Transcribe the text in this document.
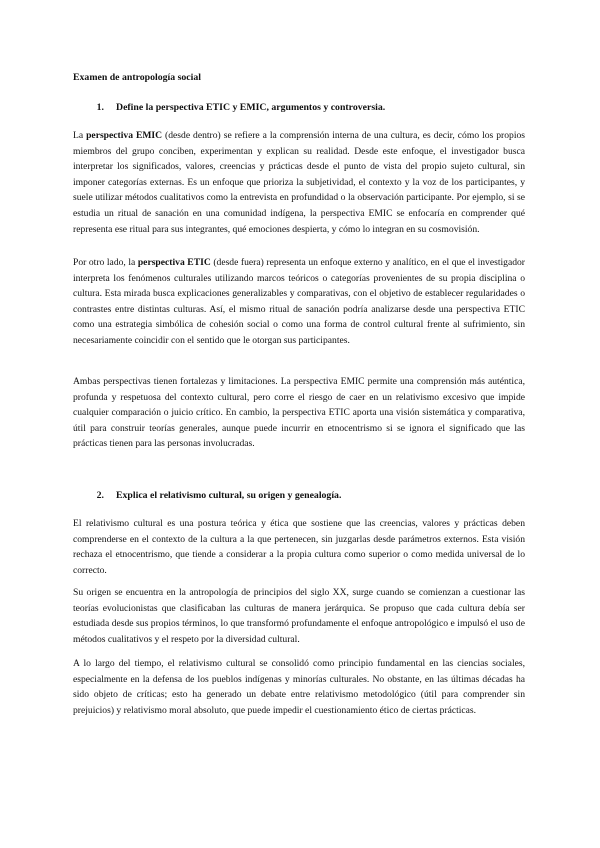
Examen de antropología social

1. Define la perspectiva ETIC y EMIC, argumentos y controversia.

La perspectiva EMIC (desde dentro) se refiere a la comprensión interna de una cultura, es decir, cómo los propios miembros del grupo conciben, experimentan y explican su realidad. Desde este enfoque, el investigador busca interpretar los significados, valores, creencias y prácticas desde el punto de vista del propio sujeto cultural, sin imponer categorías externas. Es un enfoque que prioriza la subjetividad, el contexto y la voz de los participantes, y suele utilizar métodos cualitativos como la entrevista en profundidad o la observación participante. Por ejemplo, si se estudia un ritual de sanación en una comunidad indígena, la perspectiva EMIC se enfocaría en comprender qué representa ese ritual para sus integrantes, qué emociones despierta, y cómo lo integran en su cosmovisión.

Por otro lado, la perspectiva ETIC (desde fuera) representa un enfoque externo y analítico, en el que el investigador interpreta los fenómenos culturales utilizando marcos teóricos o categorías provenientes de su propia disciplina o cultura. Esta mirada busca explicaciones generalizables y comparativas, con el objetivo de establecer regularidades o contrastes entre distintas culturas. Así, el mismo ritual de sanación podría analizarse desde una perspectiva ETIC como una estrategia simbólica de cohesión social o como una forma de control cultural frente al sufrimiento, sin necesariamente coincidir con el sentido que le otorgan sus participantes.

Ambas perspectivas tienen fortalezas y limitaciones. La perspectiva EMIC permite una comprensión más auténtica, profunda y respetuosa del contexto cultural, pero corre el riesgo de caer en un relativismo excesivo que impide cualquier comparación o juicio crítico. En cambio, la perspectiva ETIC aporta una visión sistemática y comparativa, útil para construir teorías generales, aunque puede incurrir en etnocentrismo si se ignora el significado que las prácticas tienen para las personas involucradas.

2. Explica el relativismo cultural, su origen y genealogía.

El relativismo cultural es una postura teórica y ética que sostiene que las creencias, valores y prácticas deben comprenderse en el contexto de la cultura a la que pertenecen, sin juzgarlas desde parámetros externos. Esta visión rechaza el etnocentrismo, que tiende a considerar a la propia cultura como superior o como medida universal de lo correcto.

Su origen se encuentra en la antropología de principios del siglo XX, surge cuando se comienzan a cuestionar las teorías evolucionistas que clasificaban las culturas de manera jerárquica. Se propuso que cada cultura debía ser estudiada desde sus propios términos, lo que transformó profundamente el enfoque antropológico e impulsó el uso de métodos cualitativos y el respeto por la diversidad cultural.

A lo largo del tiempo, el relativismo cultural se consolidó como principio fundamental en las ciencias sociales, especialmente en la defensa de los pueblos indígenas y minorías culturales. No obstante, en las últimas décadas ha sido objeto de críticas; esto ha generado un debate entre relativismo metodológico (útil para comprender sin prejuicios) y relativismo moral absoluto, que puede impedir el cuestionamiento ético de ciertas prácticas.
